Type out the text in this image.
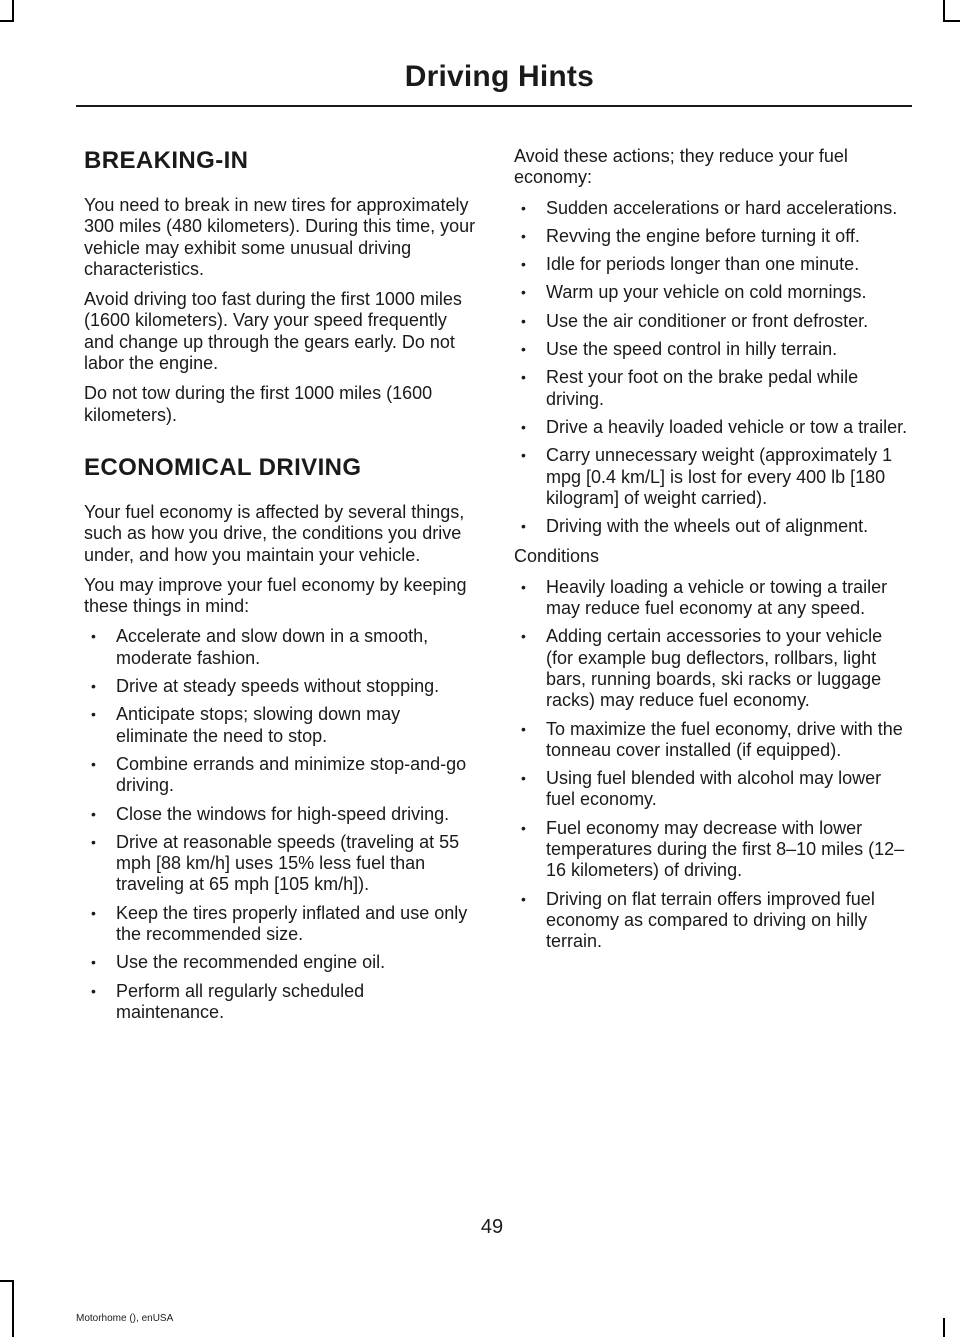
Driving Hints
BREAKING-IN

You need to break in new tires for approximately 300 miles (480 kilometers). During this time, your vehicle may exhibit some unusual driving characteristics.

Avoid driving too fast during the first 1000 miles (1600 kilometers). Vary your speed frequently and change up through the gears early. Do not labor the engine.

Do not tow during the first 1000 miles (1600 kilometers).

ECONOMICAL DRIVING

Your fuel economy is affected by several things, such as how you drive, the conditions you drive under, and how you maintain your vehicle.

You may improve your fuel economy by keeping these things in mind:

• Accelerate and slow down in a smooth, moderate fashion.
• Drive at steady speeds without stopping.
• Anticipate stops; slowing down may eliminate the need to stop.
• Combine errands and minimize stop-and-go driving.
• Close the windows for high-speed driving.
• Drive at reasonable speeds (traveling at 55 mph [88 km/h] uses 15% less fuel than traveling at 65 mph [105 km/h]).
• Keep the tires properly inflated and use only the recommended size.
• Use the recommended engine oil.
• Perform all regularly scheduled maintenance.

Avoid these actions; they reduce your fuel economy:

• Sudden accelerations or hard accelerations.
• Revving the engine before turning it off.
• Idle for periods longer than one minute.
• Warm up your vehicle on cold mornings.
• Use the air conditioner or front defroster.
• Use the speed control in hilly terrain.
• Rest your foot on the brake pedal while driving.
• Drive a heavily loaded vehicle or tow a trailer.
• Carry unnecessary weight (approximately 1 mpg [0.4 km/L] is lost for every 400 lb [180 kilogram] of weight carried).
• Driving with the wheels out of alignment.

Conditions

• Heavily loading a vehicle or towing a trailer may reduce fuel economy at any speed.
• Adding certain accessories to your vehicle (for example bug deflectors, rollbars, light bars, running boards, ski racks or luggage racks) may reduce fuel economy.
• To maximize the fuel economy, drive with the tonneau cover installed (if equipped).
• Using fuel blended with alcohol may lower fuel economy.
• Fuel economy may decrease with lower temperatures during the first 8–10 miles (12–16 kilometers) of driving.
• Driving on flat terrain offers improved fuel economy as compared to driving on hilly terrain.
49
Motorhome (), enUSA
